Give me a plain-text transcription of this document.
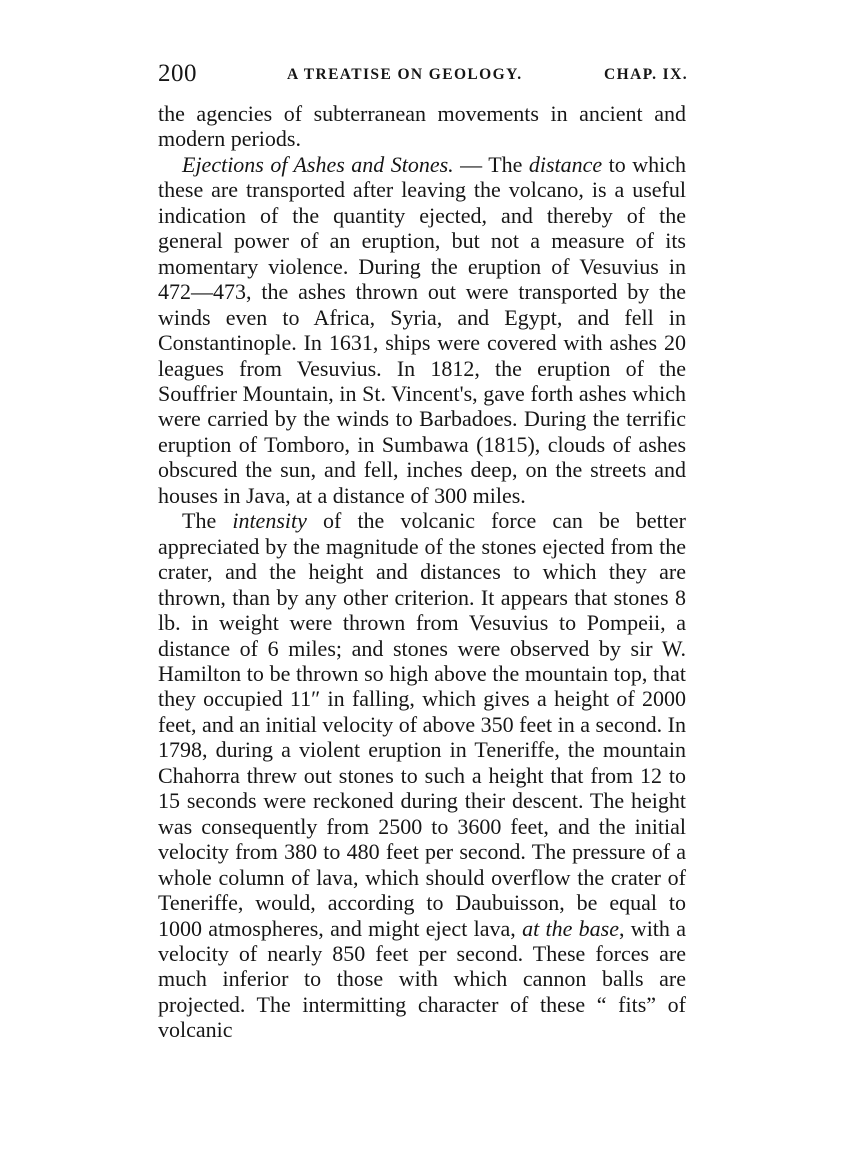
200	A TREATISE ON GEOLOGY.	CHAP. IX.

the agencies of subterranean movements in ancient and modern periods.

Ejections of Ashes and Stones. — The distance to which these are transported after leaving the volcano, is a useful indication of the quantity ejected, and thereby of the general power of an eruption, but not a measure of its momentary violence. During the eruption of Vesuvius in 472—473, the ashes thrown out were transported by the winds even to Africa, Syria, and Egypt, and fell in Constantinople. In 1631, ships were covered with ashes 20 leagues from Vesuvius. In 1812, the eruption of the Souffrier Mountain, in St. Vincent's, gave forth ashes which were carried by the winds to Barbadoes. During the terrific eruption of Tomboro, in Sumbawa (1815), clouds of ashes obscured the sun, and fell, inches deep, on the streets and houses in Java, at a distance of 300 miles.

The intensity of the volcanic force can be better appreciated by the magnitude of the stones ejected from the crater, and the height and distances to which they are thrown, than by any other criterion. It appears that stones 8 lb. in weight were thrown from Vesuvius to Pompeii, a distance of 6 miles; and stones were observed by sir W. Hamilton to be thrown so high above the mountain top, that they occupied 11″ in falling, which gives a height of 2000 feet, and an initial velocity of above 350 feet in a second. In 1798, during a violent eruption in Teneriffe, the mountain Chahorra threw out stones to such a height that from 12 to 15 seconds were reckoned during their descent. The height was consequently from 2500 to 3600 feet, and the initial velocity from 380 to 480 feet per second. The pressure of a whole column of lava, which should overflow the crater of Teneriffe, would, according to Daubuisson, be equal to 1000 atmospheres, and might eject lava, at the base, with a velocity of nearly 850 feet per second. These forces are much inferior to those with which cannon balls are projected. The intermitting character of these “ fits” of volcanic
